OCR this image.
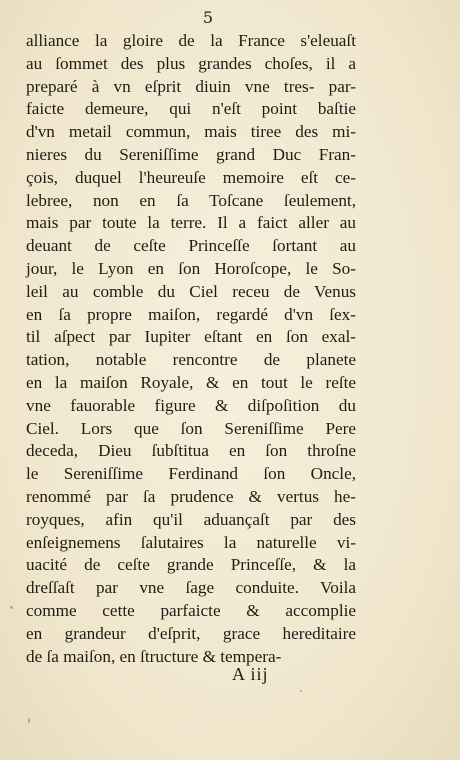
5
alliance la gloire de la France s'eleuaſt
au ſommet des plus grandes choſes, il a
preparé à vn eſprit diuin vne tres- par-
faicte demeure, qui n'eſt point baſtie
d'vn metail commun, mais tiree des mi-
nieres du Sereniſſime grand Duc Fran-
çois, duquel l'heureuſe memoire eſt ce-
lebree, non en ſa Toſcane ſeulement,
mais par toute la terre. Il a faict aller au
deuant de ceſte Princeſſe ſortant au
jour, le Lyon en ſon Horoſcope, le So-
leil au comble du Ciel receu de Venus
en ſa propre maiſon, regardé d'vn ſex-
til aſpect par Iupiter eſtant en ſon exal-
tation, notable rencontre de planete
en la maiſon Royale, & en tout le reſte
vne fauorable figure & diſpoſition du
Ciel. Lors que ſon Sereniſſime Pere
deceda, Dieu ſubſtitua en ſon throſne
le Sereniſſime Ferdinand ſon Oncle,
renommé par ſa prudence & vertus he-
royques, afin qu'il aduançaſt par des
enſeignemens ſalutaires la naturelle vi-
uacité de ceſte grande Princeſſe, & la
dreſſaſt par vne ſage conduite. Voila
comme cette parfaicte & accomplie
en grandeur d'eſprit, grace hereditaire
de ſa maiſon, en ſtructure & tempera-
A iij
